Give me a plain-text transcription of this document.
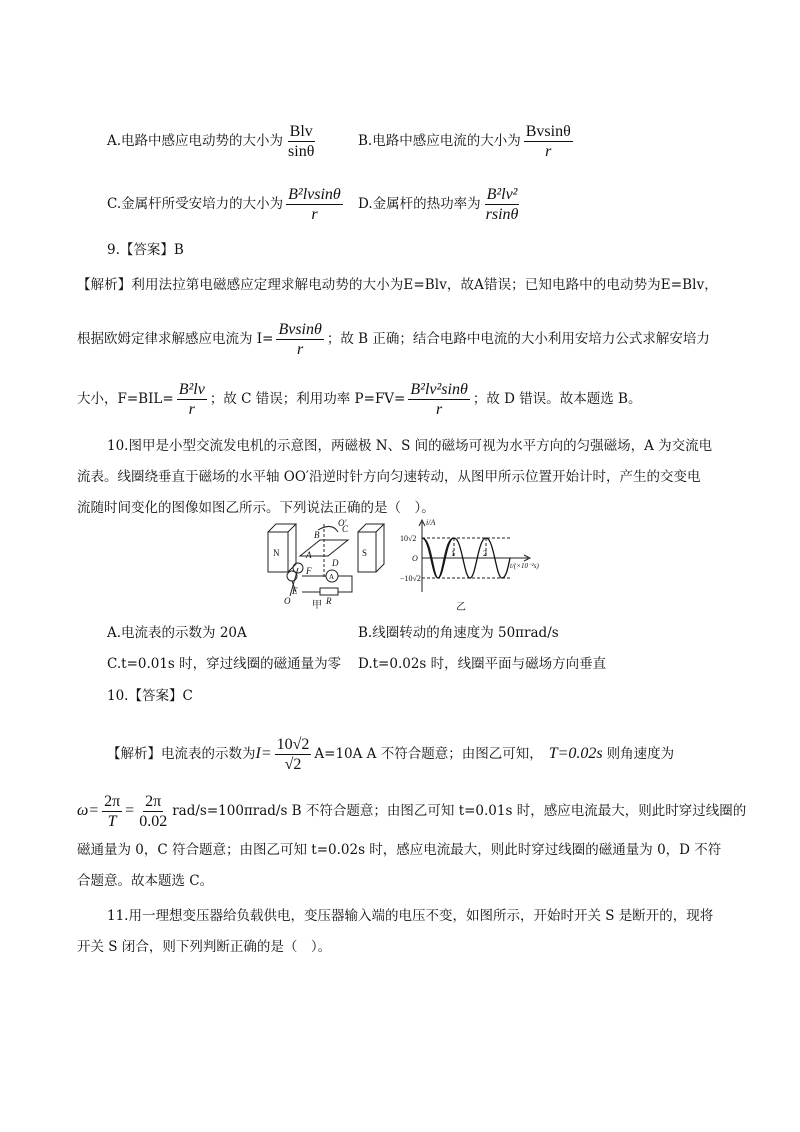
A.电路中感应电动势的大小为 $\frac{\text{Blv}}{\sin\theta}$	B.电路中感应电流的大小为 $\frac{Bvsin\theta}{r}$
C.金属杆所受安培力的大小为 $\frac{\text{B²lvsinθ}}{r} D$.金属杆的热功率为 $\frac{\text{B²lv²}}{rsin\theta}$
9.【答案】B
【解析】利用法拉第电磁感应定理求解电动势的大小为E=Blv，故A错误；已知电路中的电动势为E=Blv，
根据欧姆定律求解感应电流为 $I= \frac{Bvsin\theta}{r}$ ；故 B 正确；结合电路中电流的大小利用安培力公式求解安培力
大小，$F=BIL= \frac{\text{B²lv}}{r}$ ；故 C 错误；利用功率 $P=FV= \frac{\text{B²lv²sinθ}}{r}$ ；故 D 错误。故本题选 B。
10.图甲是小型交流发电机的示意图，两磁极 N、S 间的磁场可视为水平方向的匀强磁场，A 为交流电
流表。线圈绕垂直于磁场的水平轴 OO′沿逆时针方向匀速转动，从图甲所示位置开始计时，产生的交变电
流随时间变化的图像如图乙所示。下列说法正确的是（　）。
N	S
B
C
O′
A
D
F
E
O	R
A
甲
i/A
10√2
O
−10√2
1	2
t/(×10⁻²s)
乙
A.电流表的示数为 20A	B.线圈转动的角速度为 50πrad/s
C.t=0.01s 时，穿过线圈的磁通量为零 D.t=0.02s 时，线圈平面与磁场方向垂直
10.【答案】C
【解析】电流表的示数为$I= \frac{10√2}{√2} A=10A$ A 不符合题意；由图乙可知， T=0.02s 则角速度为
$\omega= \frac{2\pi}{T} = \frac{2\pi}{0.02} rad/s=100\pi rad/s$ B 不符合题意；由图乙可知 t=0.01s 时，感应电流最大，则此时穿过线圈的
磁通量为 0，C 符合题意；由图乙可知 t=0.02s 时，感应电流最大，则此时穿过线圈的磁通量为 0，D 不符
合题意。故本题选 C。
11.用一理想变压器给负载供电，变压器输入端的电压不变，如图所示，开始时开关 S 是断开的，现将
开关 S 闭合，则下列判断正确的是（　）。
